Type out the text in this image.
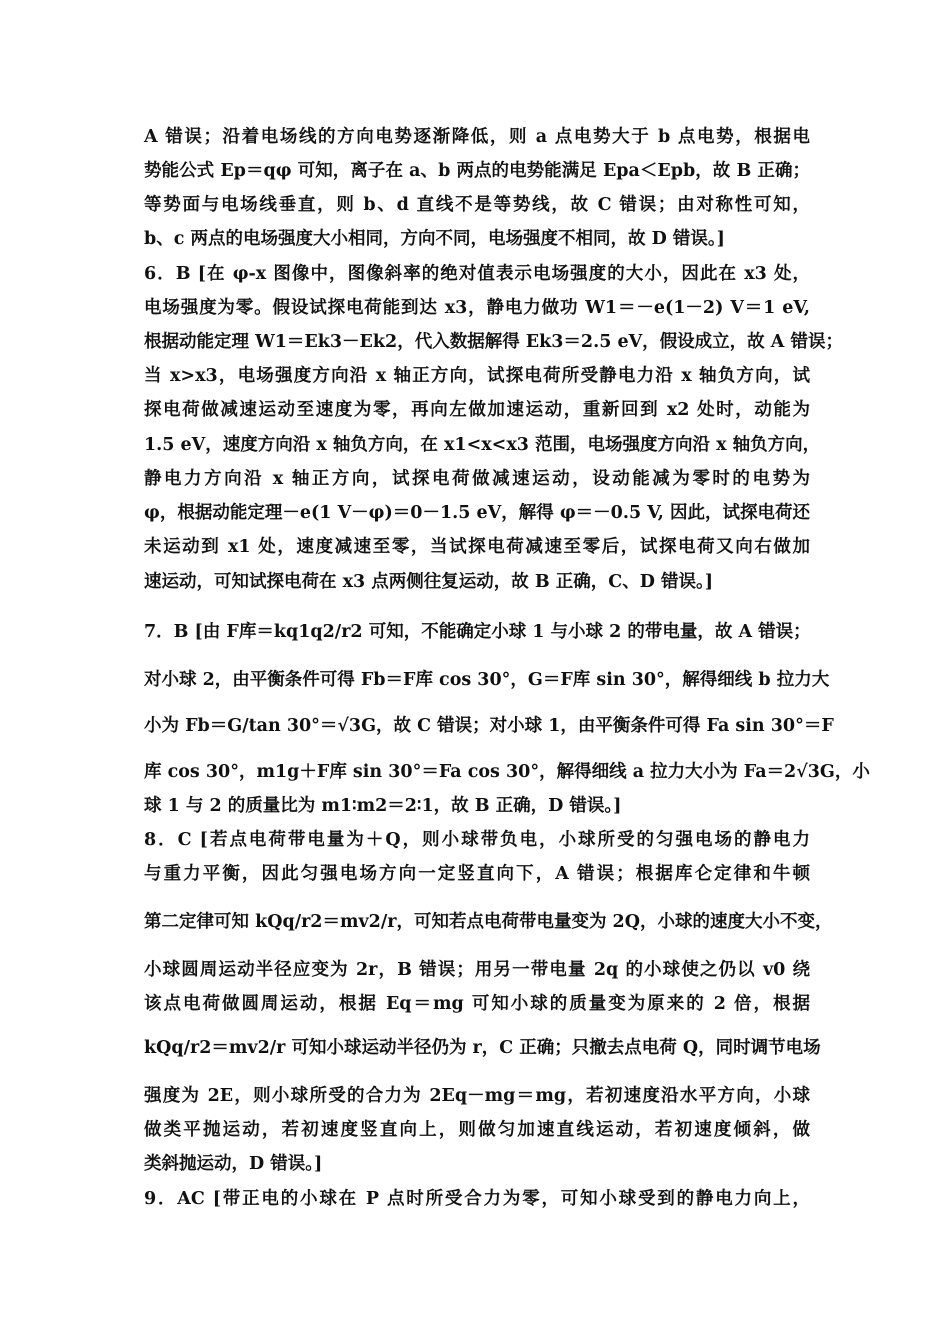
A 错误；沿着电场线的方向电势逐渐降低，则 a 点电势大于 b 点电势，根据电
势能公式 Ep＝qφ 可知，离子在 a、b 两点的电势能满足 Epa＜Epb，故 B 正确；
等势面与电场线垂直，则 b、d 直线不是等势线，故 C 错误；由对称性可知，
b、c 两点的电场强度大小相同，方向不同，电场强度不相同，故 D 错误。]
6．B [在 φ-x 图像中，图像斜率的绝对值表示电场强度的大小，因此在 x3 处，
电场强度为零。假设试探电荷能到达 x3，静电力做功 W1＝－e(1－2) V＝1 eV,
根据动能定理 W1＝Ek3－Ek2，代入数据解得 Ek3＝2.5 eV，假设成立，故 A 错误；
当 x>x3，电场强度方向沿 x 轴正方向，试探电荷所受静电力沿 x 轴负方向，试
探电荷做减速运动至速度为零，再向左做加速运动，重新回到 x2 处时，动能为
1.5 eV，速度方向沿 x 轴负方向，在 x1<x<x3 范围，电场强度方向沿 x 轴负方向，
静电力方向沿 x 轴正方向，试探电荷做减速运动，设动能减为零时的电势为
φ，根据动能定理－e(1 V－φ)＝0－1.5 eV，解得 φ＝－0.5 V, 因此，试探电荷还
未运动到 x1 处，速度减速至零，当试探电荷减速至零后，试探电荷又向右做加
速运动，可知试探电荷在 x3 点两侧往复运动，故 B 正确，C、D 错误。]
7．B [由 F库＝kq1q2/r2 可知，不能确定小球 1 与小球 2 的带电量，故 A 错误；
对小球 2，由平衡条件可得 Fb＝F库 cos 30°，G＝F库 sin 30°，解得细线 b 拉力大
小为 Fb＝G/tan 30°＝√3G，故 C 错误；对小球 1，由平衡条件可得 Fa sin 30°＝F
库 cos 30°，m1g＋F库 sin 30°＝Fa cos 30°，解得细线 a 拉力大小为 Fa＝2√3G，小
球 1 与 2 的质量比为 m1∶m2＝2∶1，故 B 正确，D 错误。]
8．C [若点电荷带电量为＋Q，则小球带负电，小球所受的匀强电场的静电力
与重力平衡，因此匀强电场方向一定竖直向下，A 错误；根据库仑定律和牛顿
第二定律可知 kQq/r2＝mv2/r，可知若点电荷带电量变为 2Q，小球的速度大小不变，
小球圆周运动半径应变为 2r，B 错误；用另一带电量 2q 的小球使之仍以 v0 绕
该点电荷做圆周运动，根据 Eq＝mg 可知小球的质量变为原来的 2 倍，根据
kQq/r2＝mv2/r 可知小球运动半径仍为 r，C 正确；只撤去点电荷 Q，同时调节电场
强度为 2E，则小球所受的合力为 2Eq－mg＝mg，若初速度沿水平方向，小球
做类平抛运动，若初速度竖直向上，则做匀加速直线运动，若初速度倾斜，做
类斜抛运动，D 错误。]
9．AC [带正电的小球在 P 点时所受合力为零，可知小球受到的静电力向上，
